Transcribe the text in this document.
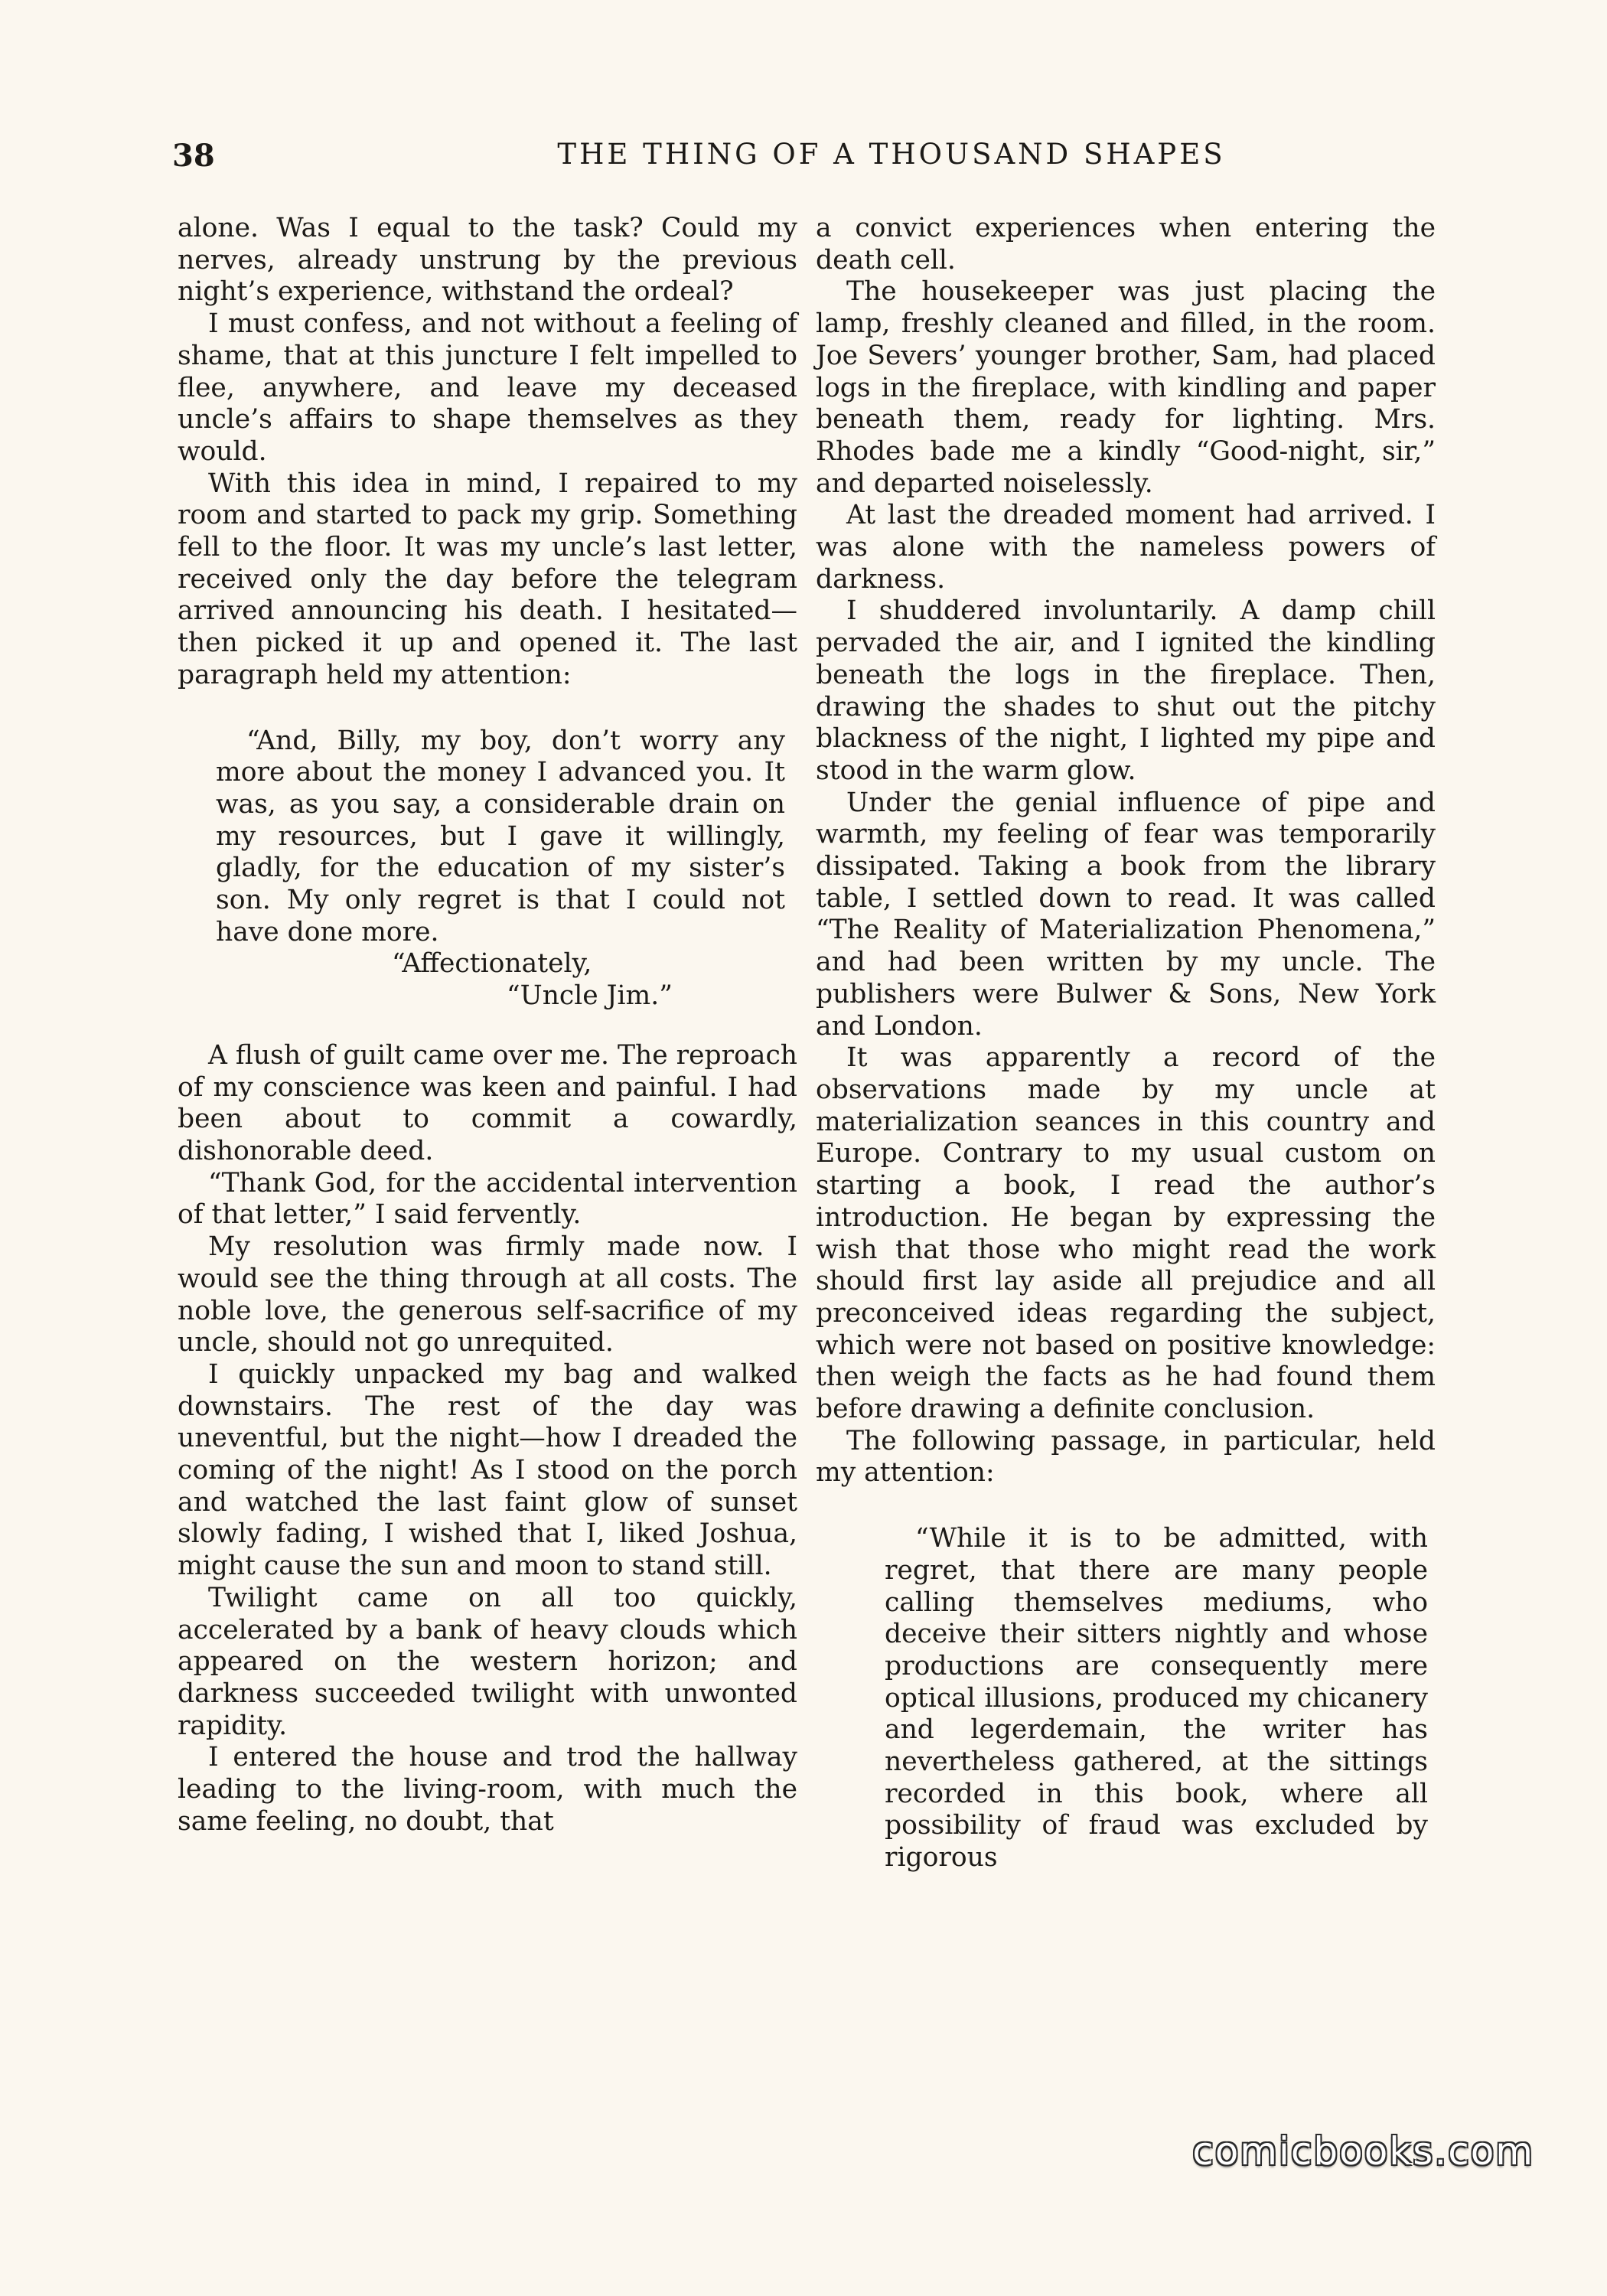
38	THE THING OF A THOUSAND SHAPES

alone. Was I equal to the task? Could my nerves, already unstrung by the previous night’s experience, withstand the ordeal?

I must confess, and not without a feeling of shame, that at this juncture I felt impelled to flee, anywhere, and leave my deceased uncle’s affairs to shape themselves as they would.

With this idea in mind, I repaired to my room and started to pack my grip. Something fell to the floor. It was my uncle’s last letter, received only the day before the telegram arrived announcing his death. I hesitated—then picked it up and opened it. The last paragraph held my attention:

“And, Billy, my boy, don’t worry any more about the money I advanced you. It was, as you say, a considerable drain on my resources, but I gave it willingly, gladly, for the education of my sister’s son. My only regret is that I could not have done more.

“Affectionately,

“Uncle Jim.”

A flush of guilt came over me. The reproach of my conscience was keen and painful. I had been about to commit a cowardly, dishonorable deed.

“Thank God, for the accidental intervention of that letter,” I said fervently.

My resolution was firmly made now. I would see the thing through at all costs. The noble love, the generous self-sacrifice of my uncle, should not go unrequited.

I quickly unpacked my bag and walked downstairs. The rest of the day was uneventful, but the night—how I dreaded the coming of the night! As I stood on the porch and watched the last faint glow of sunset slowly fading, I wished that I, liked Joshua, might cause the sun and moon to stand still.

Twilight came on all too quickly, accelerated by a bank of heavy clouds which appeared on the western horizon; and darkness succeeded twilight with unwonted rapidity.

I entered the house and trod the hallway leading to the living-room, with much the same feeling, no doubt, that

a convict experiences when entering the death cell.

The housekeeper was just placing the lamp, freshly cleaned and filled, in the room. Joe Severs’ younger brother, Sam, had placed logs in the fireplace, with kindling and paper beneath them, ready for lighting. Mrs. Rhodes bade me a kindly “Good-night, sir,” and departed noiselessly.

At last the dreaded moment had arrived. I was alone with the nameless powers of darkness.

I shuddered involuntarily. A damp chill pervaded the air, and I ignited the kindling beneath the logs in the fireplace. Then, drawing the shades to shut out the pitchy blackness of the night, I lighted my pipe and stood in the warm glow.

Under the genial influence of pipe and warmth, my feeling of fear was temporarily dissipated. Taking a book from the library table, I settled down to read. It was called “The Reality of Materialization Phenomena,” and had been written by my uncle. The publishers were Bulwer & Sons, New York and London.

It was apparently a record of the observations made by my uncle at materialization seances in this country and Europe. Contrary to my usual custom on starting a book, I read the author’s introduction. He began by expressing the wish that those who might read the work should first lay aside all prejudice and all preconceived ideas regarding the subject, which were not based on positive knowledge: then weigh the facts as he had found them before drawing a definite conclusion.

The following passage, in particular, held my attention:

“While it is to be admitted, with regret, that there are many people calling themselves mediums, who deceive their sitters nightly and whose productions are consequently mere optical illusions, produced my chicanery and legerdemain, the writer has nevertheless gathered, at the sittings recorded in this book, where all possibility of fraud was excluded by rigorous

comicbooks.com
